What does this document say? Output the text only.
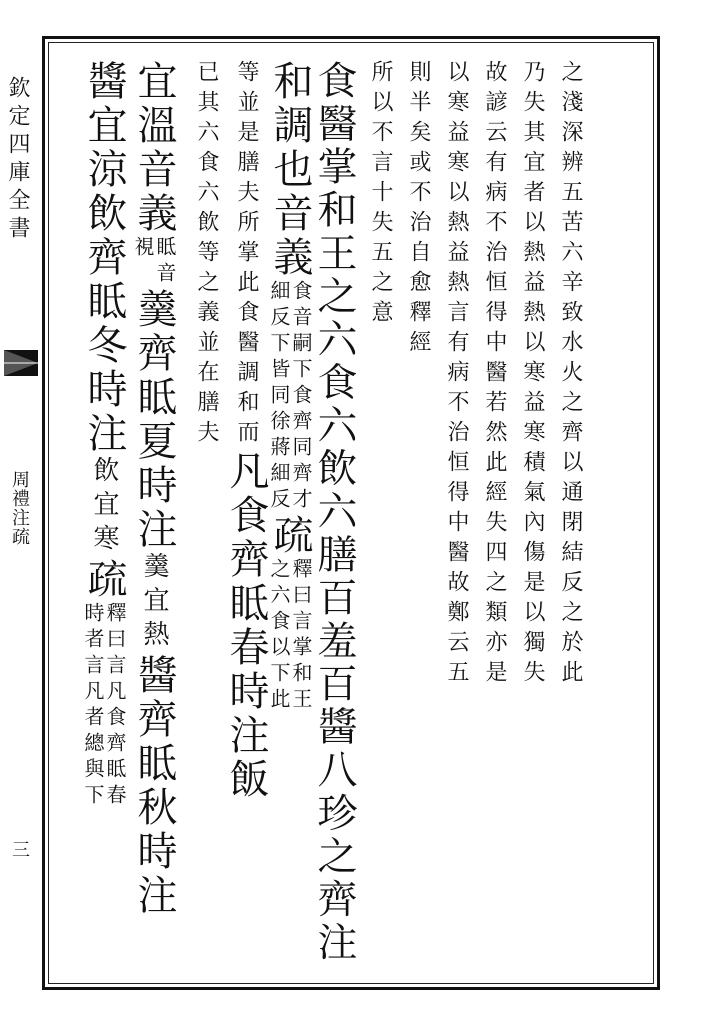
欽定四庫全書
周禮注疏
三
之淺深辨五苦六辛致水火之齊以通閉結反之於此
乃失其宜者以熱益熱以寒益寒積氣內傷是以獨失
故諺云有病不治恒得中醫若然此經失四之類亦是
以寒益寒以熱益熱言有病不治恒得中醫故鄭云五
則半矣或不治自愈釋經
所以不言十失五之意
食醫掌和王之六食六飲六膳百羞百醬八珍之齊注
和調也音義
食音嗣下食齊同齊才
細反下皆同徐蔣細反
疏
釋曰言掌和王
之六食以下此
等並是膳夫所掌此食醫調和而
凡食齊眡春時注飯
已其六食六飲等之義並在膳夫
宜溫音義
眡音
視
羹齊眡夏時注
羹宜熱
醬齊眡秋時注
醬宜涼飲齊眡冬時注
飲宜寒
疏
釋曰言凡食齊眡春
時者言凡者總與下
